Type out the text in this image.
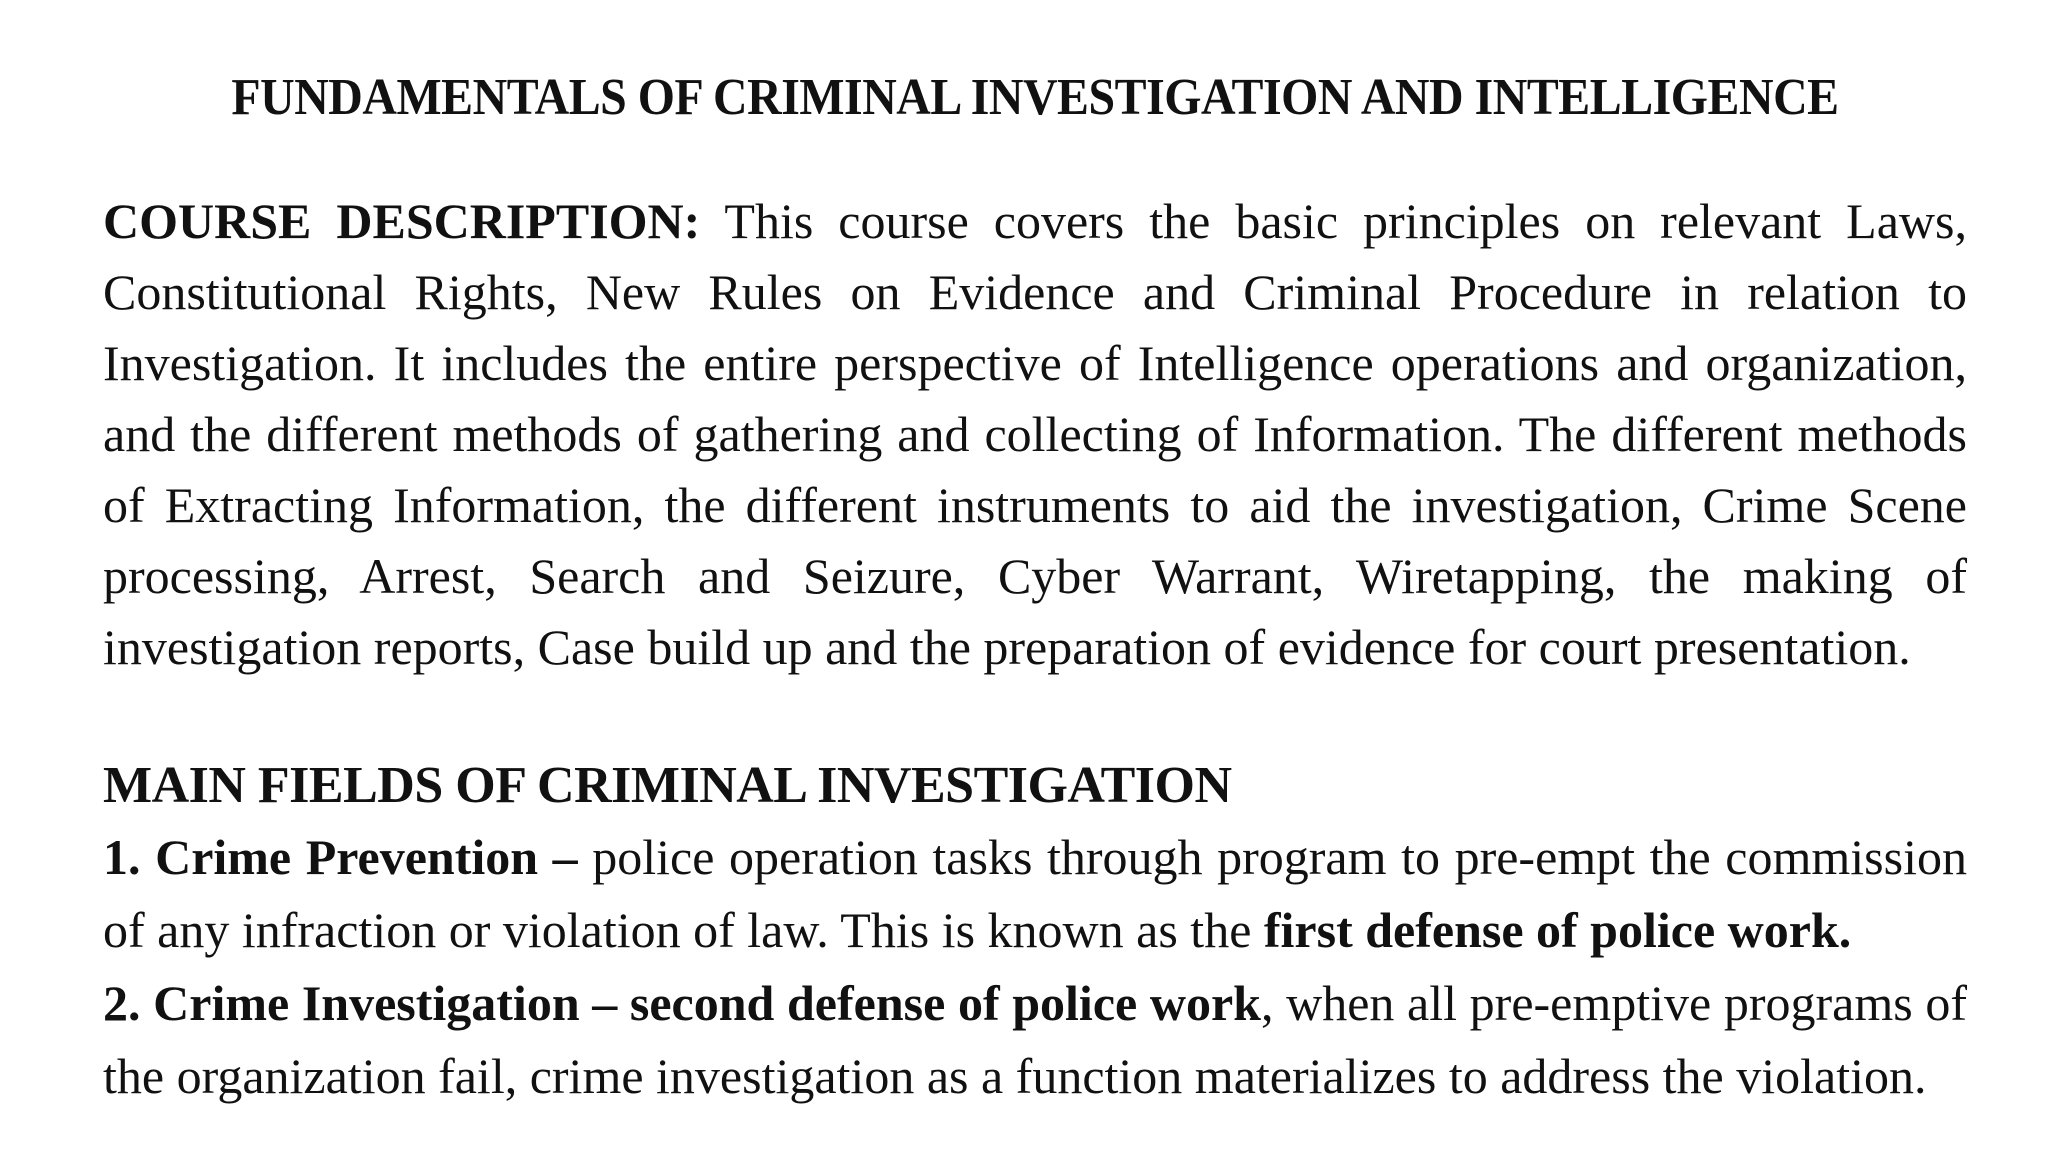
FUNDAMENTALS OF CRIMINAL INVESTIGATION AND INTELLIGENCE
COURSE DESCRIPTION: This course covers the basic principles on relevant Laws, Constitutional Rights, New Rules on Evidence and Criminal Procedure in relation to Investigation. It includes the entire perspective of Intelligence operations and organization, and the different methods of gathering and collecting of Information. The different methods of Extracting Information, the different instruments to aid the investigation, Crime Scene processing, Arrest, Search and Seizure, Cyber Warrant, Wiretapping, the making of investigation reports, Case build up and the preparation of evidence for court presentation.
MAIN FIELDS OF CRIMINAL INVESTIGATION

1. Crime Prevention – police operation tasks through program to pre-empt the commission of any infraction or violation of law. This is known as the first defense of police work.

2. Crime Investigation – second defense of police work, when all pre-emptive programs of the organization fail, crime investigation as a function materializes to address the violation.
